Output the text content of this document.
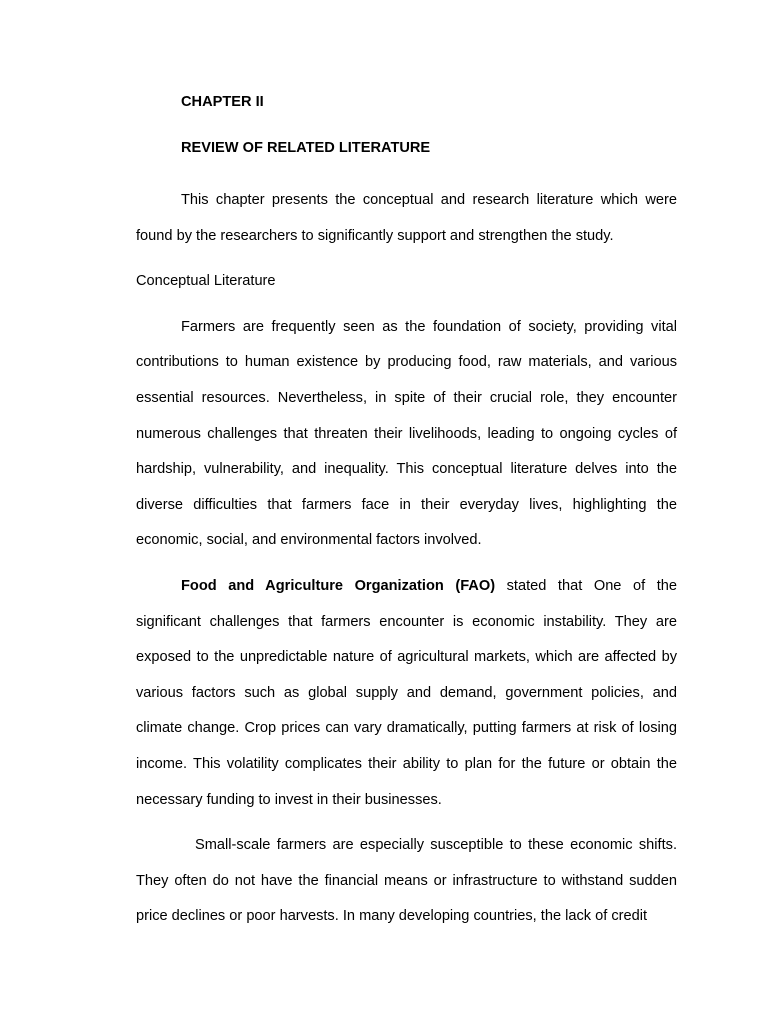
CHAPTER II
REVIEW OF RELATED LITERATURE

This chapter presents the conceptual and research literature which were found by the researchers to significantly support and strengthen the study.

Conceptual Literature

Farmers are frequently seen as the foundation of society, providing vital contributions to human existence by producing food, raw materials, and various essential resources. Nevertheless, in spite of their crucial role, they encounter numerous challenges that threaten their livelihoods, leading to ongoing cycles of hardship, vulnerability, and inequality. This conceptual literature delves into the diverse difficulties that farmers face in their everyday lives, highlighting the economic, social, and environmental factors involved.

Food and Agriculture Organization (FAO) stated that One of the significant challenges that farmers encounter is economic instability. They are exposed to the unpredictable nature of agricultural markets, which are affected by various factors such as global supply and demand, government policies, and climate change. Crop prices can vary dramatically, putting farmers at risk of losing income. This volatility complicates their ability to plan for the future or obtain the necessary funding to invest in their businesses.

Small-scale farmers are especially susceptible to these economic shifts. They often do not have the financial means or infrastructure to withstand sudden price declines or poor harvests. In many developing countries, the lack of credit
